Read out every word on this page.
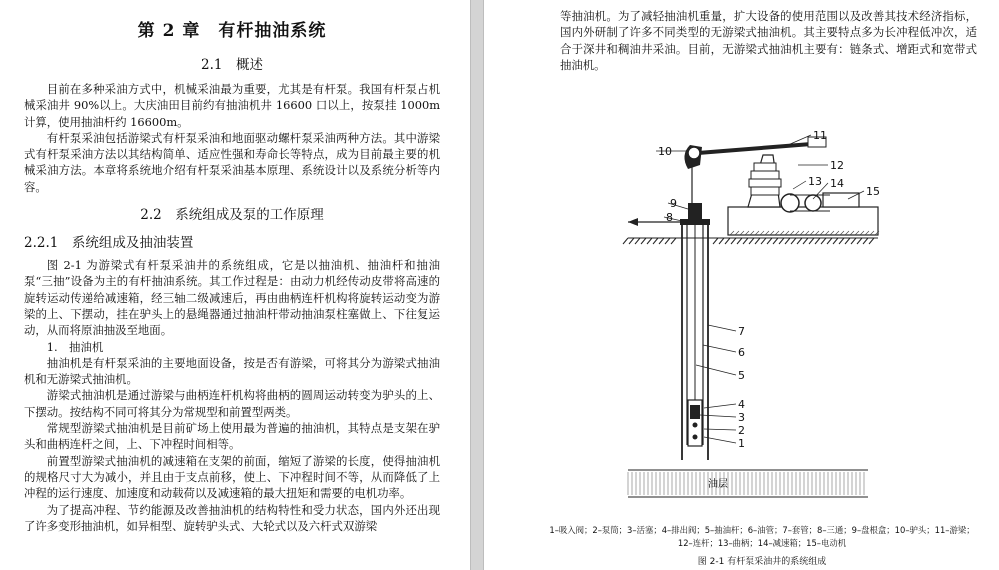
第 2 章　有杆抽油系统
2.1　概述

目前在多种采油方式中，机械采油最为重要，尤其是有杆泵。我国有杆泵占机械采油井 90%以上。大庆油田目前约有抽油机井 16600 口以上，按泵挂 1000m 计算，使用抽油杆约 16600m。

有杆泵采油包括游梁式有杆泵采油和地面驱动螺杆泵采油两种方法。其中游梁式有杆泵采油方法以其结构简单、适应性强和寿命长等特点，成为目前最主要的机械采油方法。本章将系统地介绍有杆泵采油基本原理、系统设计以及系统分析等内容。

2.2　系统组成及泵的工作原理
2.2.1　系统组成及抽油装置

图 2-1 为游梁式有杆泵采油井的系统组成，它是以抽油机、抽油杆和抽油泵“三抽”设备为主的有杆抽油系统。其工作过程是：由动力机经传动皮带将高速的旋转运动传递给减速箱，经三轴二级减速后，再由曲柄连杆机构将旋转运动变为游梁的上、下摆动，挂在驴头上的悬绳器通过抽油杆带动抽油泵柱塞做上、下往复运动，从而将原油抽汲至地面。

1.　抽油机

抽油机是有杆泵采油的主要地面设备，按是否有游梁，可将其分为游梁式抽油机和无游梁式抽油机。

游梁式抽油机是通过游梁与曲柄连杆机构将曲柄的圆周运动转变为驴头的上、下摆动。按结构不同可将其分为常规型和前置型两类。

常规型游梁式抽油机是目前矿场上使用最为普遍的抽油机，其特点是支架在驴头和曲柄连杆之间，上、下冲程时间相等。

前置型游梁式抽油机的减速箱在支架的前面，缩短了游梁的长度，使得抽油机的规格尺寸大为减小，并且由于支点前移，使上、下冲程时间不等，从而降低了上冲程的运行速度、加速度和动载荷以及减速箱的最大扭矩和需要的电机功率。

为了提高冲程、节约能源及改善抽油机的结构特性和受力状态，国内外还出现了许多变形抽油机，如异相型、旋转驴头式、大轮式以及六杆式双游梁

等抽油机。为了减轻抽油机重量，扩大设备的使用范围以及改善其技术经济指标，国内外研制了许多不同类型的无游梁式抽油机。其主要特点多为长冲程低冲次，适合于深井和稠油井采油。目前，无游梁式抽油机主要有：链条式、增距式和宽带式抽油机。

油层
1
2
3
4
5
6
7
8
9
10
11
12
13 14
15
1–吸入阀；2–泵筒；3–活塞；4–排出阀；5–抽油杆；6–油管；7–套管；8–三通；9–盘根盒；10–驴头；11–游梁；12–连杆；13–曲柄；14–减速箱；15–电动机
图 2-1 有杆泵采油井的系统组成
